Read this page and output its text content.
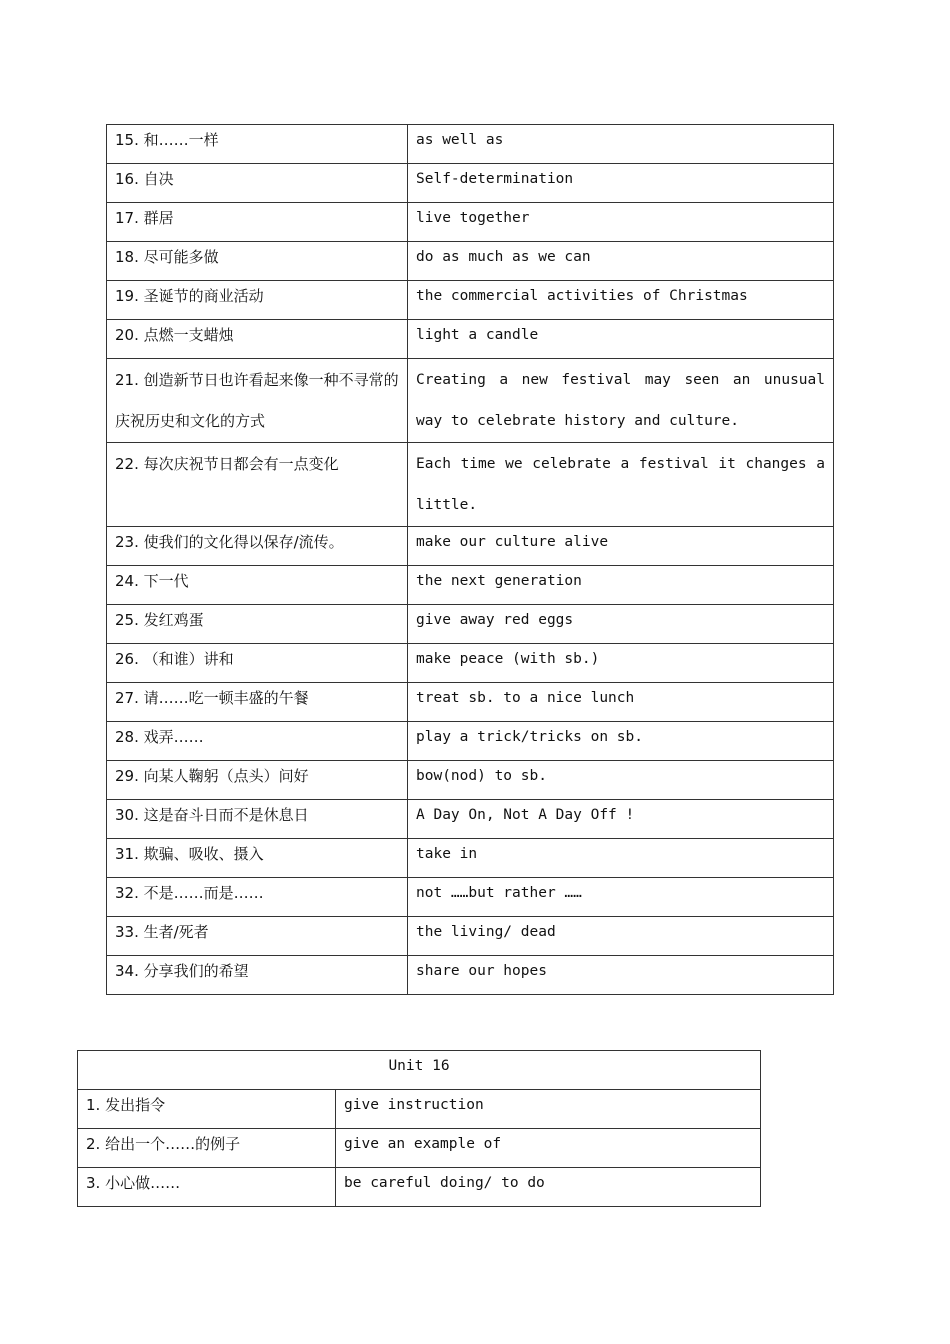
15. 和……一样	as well as
16. 自决	Self-determination
17. 群居	live together
18. 尽可能多做	do as much as we can
19. 圣诞节的商业活动	the commercial activities of Christmas
20. 点燃一支蜡烛	light a candle
21. 创造新节日也许看起来像一种不寻常的庆祝历史和文化的方式	Creating a new festival may seen an unusual way to celebrate history and culture.
22. 每次庆祝节日都会有一点变化	Each time we celebrate a festival it changes a little.
23. 使我们的文化得以保存/流传。	make our culture alive
24. 下一代	the next generation
25. 发红鸡蛋	give away red eggs
26. （和谁）讲和	make peace (with sb.)
27. 请……吃一顿丰盛的午餐	treat sb. to a nice lunch
28. 戏弄……	play a trick/tricks on sb.
29. 向某人鞠躬（点头）问好	bow(nod) to sb.
30. 这是奋斗日而不是休息日	A Day On, Not A Day Off !
31. 欺骗、吸收、摄入	take in
32. 不是……而是……	not ……but rather ……
33. 生者/死者	the living/ dead
34. 分享我们的希望	share our hopes
Unit 16	
1. 发出指令	give instruction
2. 给出一个……的例子	give an example of
3. 小心做……	be careful doing/ to do
